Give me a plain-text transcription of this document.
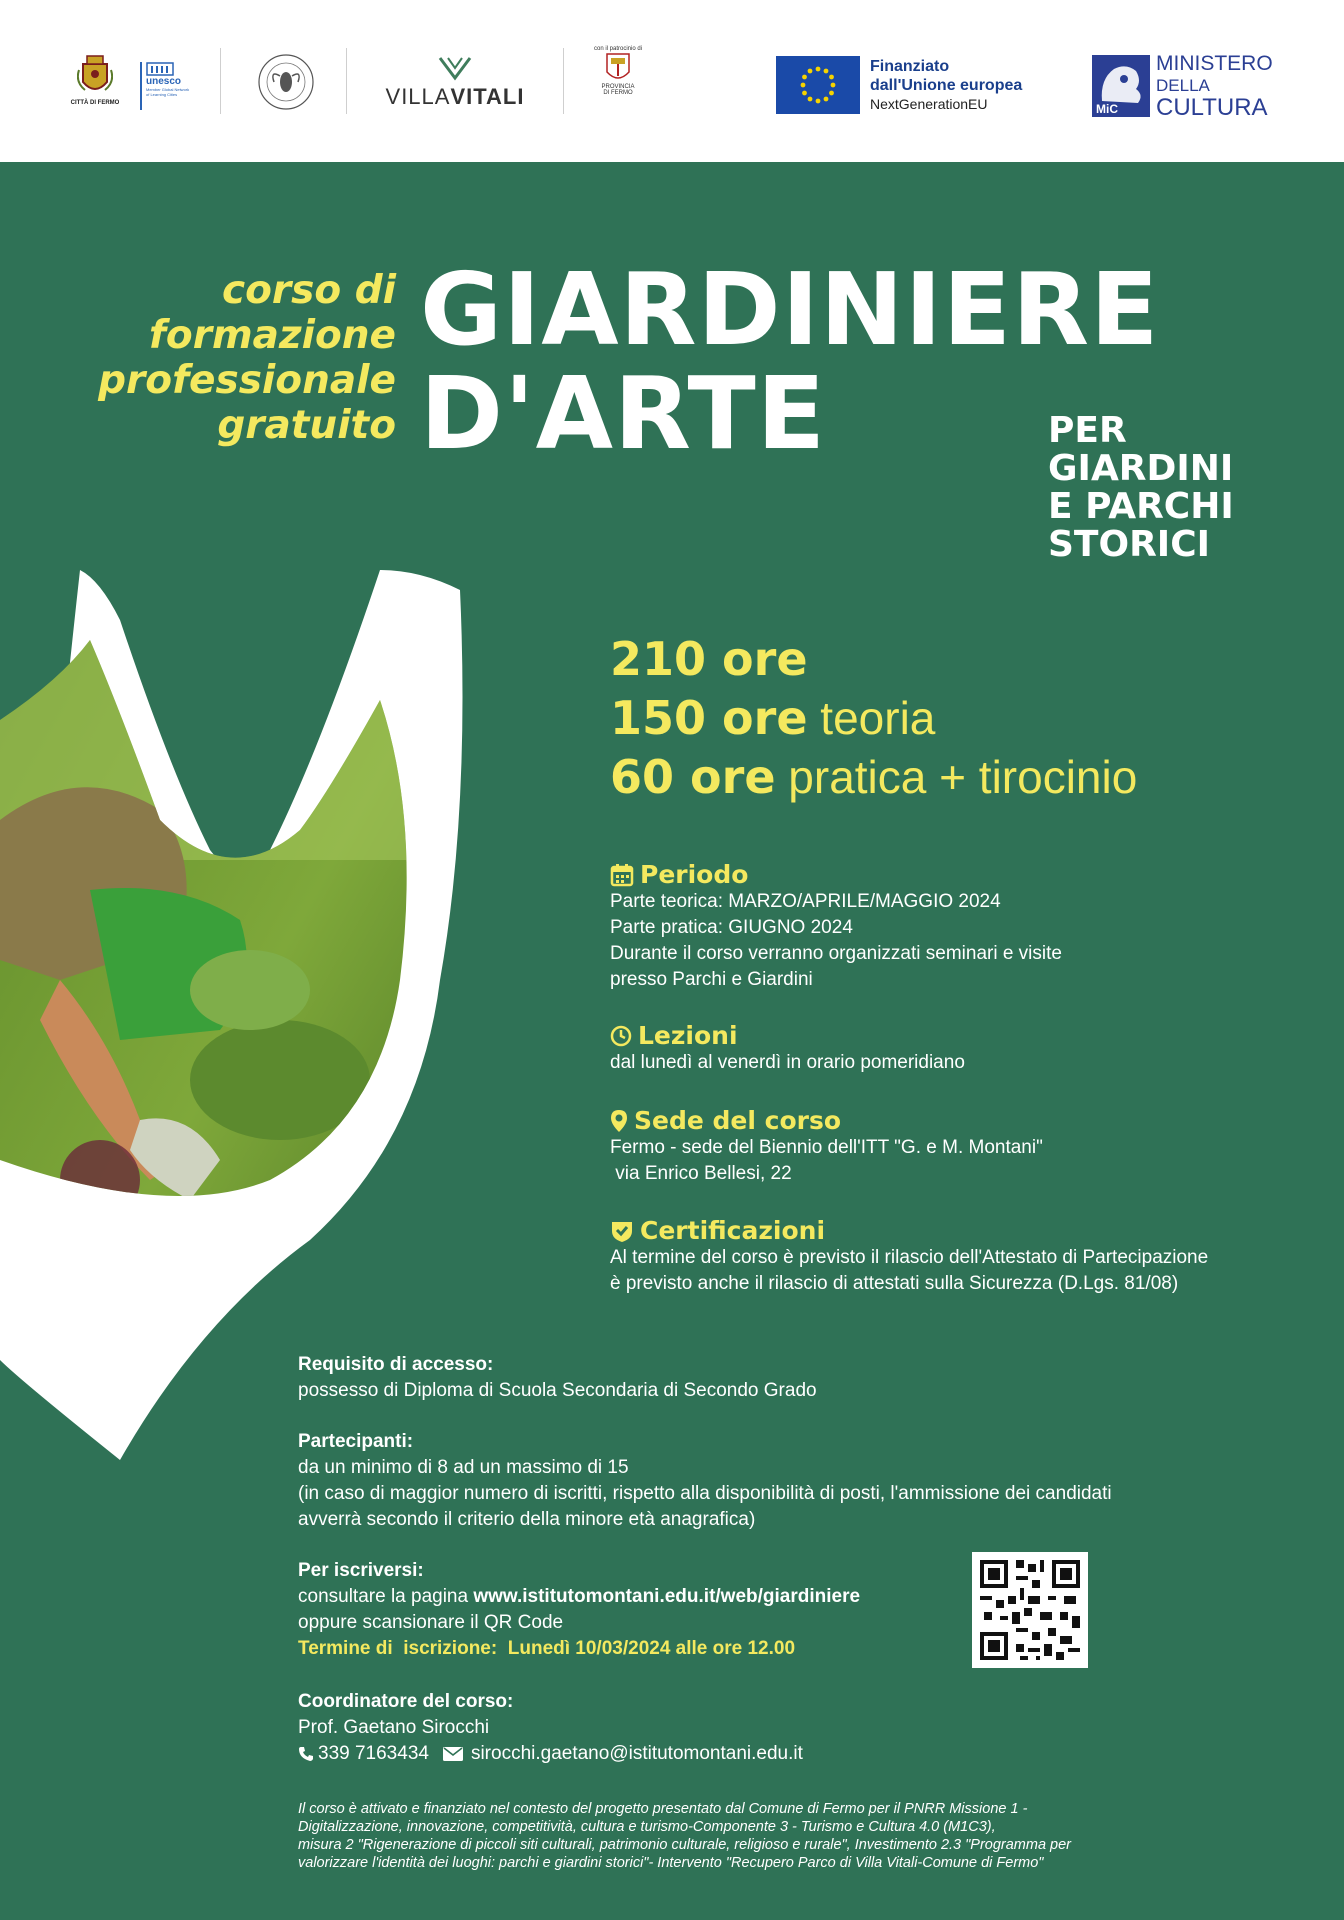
CITTÀ DI FERMO
unesco
Member Global Network of Learning Cities	VILLAVITALI
con il patrocinio di
PROVINCIA DI FERMO
Finanziato
dall'Unione europea
NextGenerationEU	MiC
MINISTERO
DELLA
CULTURA
corso di
formazione
professionale
gratuito
GIARDINIERE
D'ARTE	PER
GIARDINI
E PARCHI
STORICI
210 ore
150 ore teoria
60 ore pratica + tirocinio
Periodo
Parte teorica: MARZO/APRILE/MAGGIO 2024
Parte pratica: GIUGNO 2024
Durante il corso verranno organizzati seminari e visite
presso Parchi e Giardini
Lezioni
dal lunedì al venerdì in orario pomeridiano
Sede del corso
Fermo - sede del Biennio dell'ITT "G. e M. Montani"
via Enrico Bellesi, 22
Certificazioni
Al termine del corso è previsto il rilascio dell'Attestato di Partecipazione
è previsto anche il rilascio di attestati sulla Sicurezza (D.Lgs. 81/08)
Requisito di accesso:
possesso di Diploma di Scuola Secondaria di Secondo Grado
Partecipanti:
da un minimo di 8 ad un massimo di 15
(in caso di maggior numero di iscritti, rispetto alla disponibilità di posti, l'ammissione dei candidati
avverrà secondo il criterio della minore età anagrafica)
Per iscriversi:
consultare la pagina www.istitutomontani.edu.it/web/giardiniere
oppure scansionare il QR Code
Termine di  iscrizione:  Lunedì 10/03/2024 alle ore 12.00
Coordinatore del corso:
Prof. Gaetano Sirocchi
339 7163434 sirocchi.gaetano@istitutomontani.edu.it
Il corso è attivato e finanziato nel contesto del progetto presentato dal Comune di Fermo per il PNRR Missione 1 -
Digitalizzazione, innovazione, competitività, cultura e turismo-Componente 3 - Turismo e Cultura 4.0 (M1C3),
misura 2 "Rigenerazione di piccoli siti culturali, patrimonio culturale, religioso e rurale", Investimento 2.3 "Programma per
valorizzare l'identità dei luoghi: parchi e giardini storici"- Intervento "Recupero Parco di Villa Vitali-Comune di Fermo"
